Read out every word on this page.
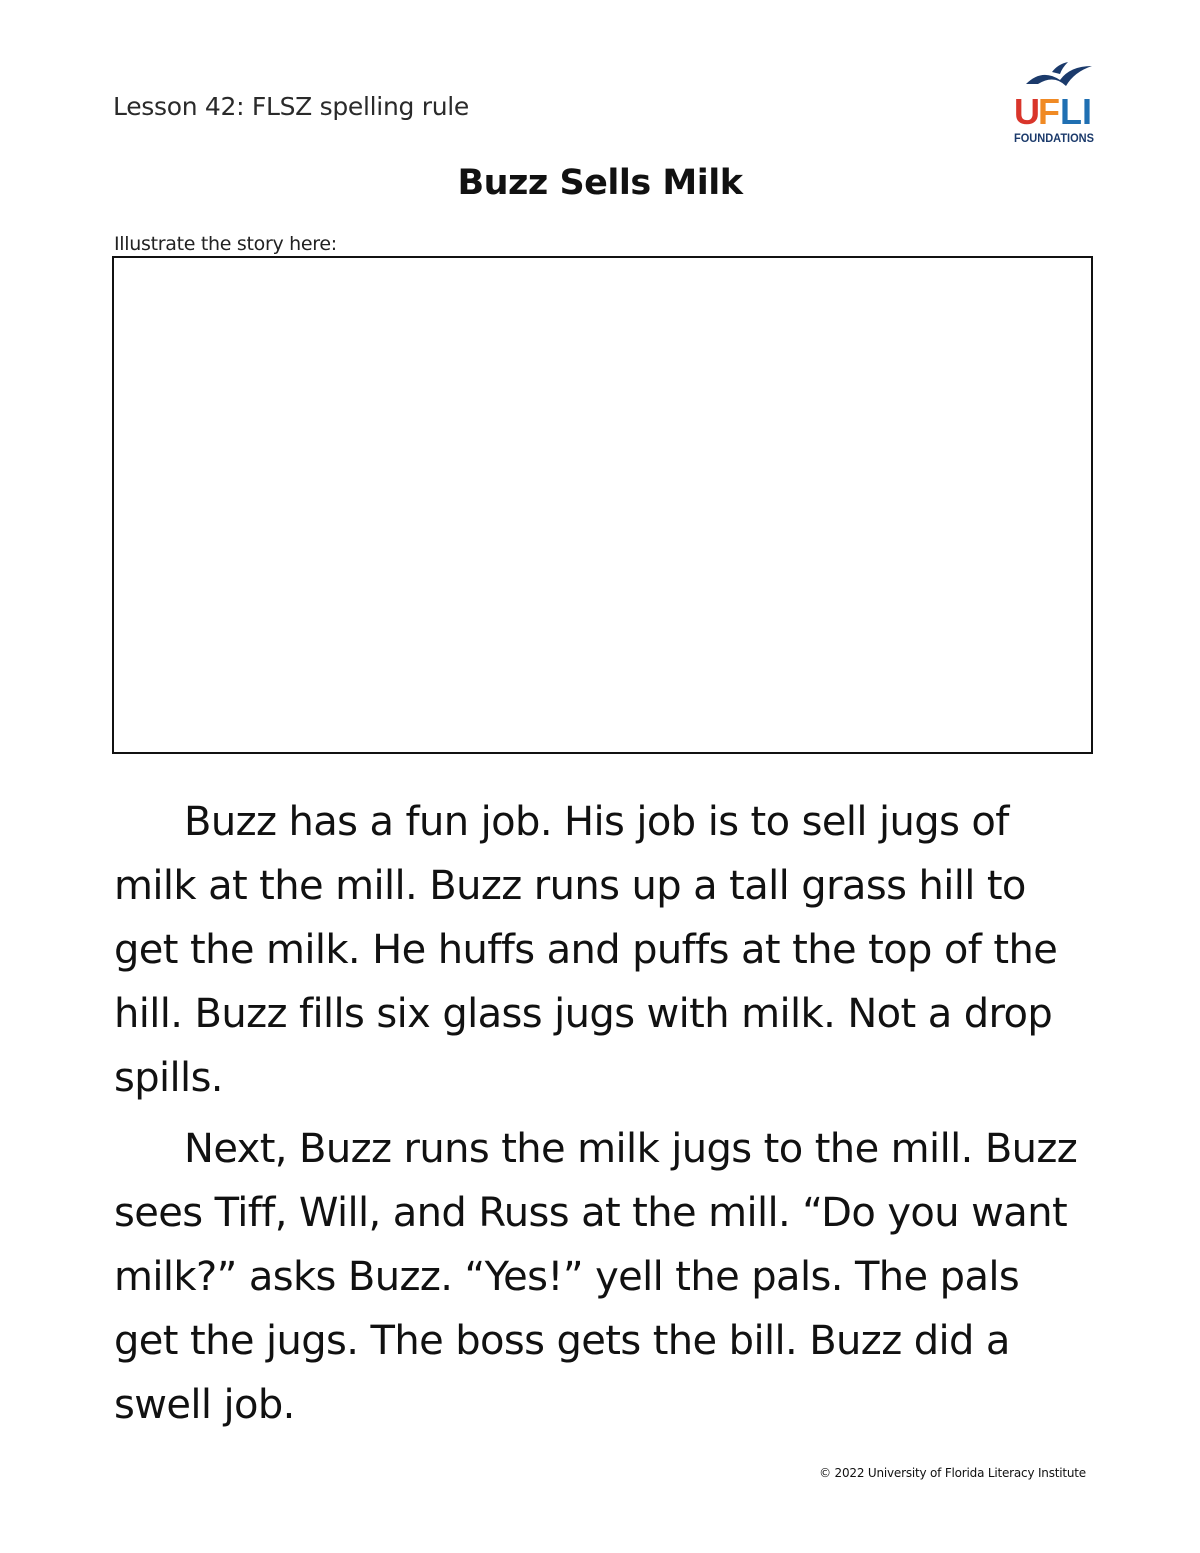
Lesson 42: FLSZ spelling rule	U
F L I
FOUNDATIONS
Buzz Sells Milk
Illustrate the story here:

Buzz has a fun job. His job is to sell jugs of milk at the mill. Buzz runs up a tall grass hill to get the milk. He huffs and puffs at the top of the hill. Buzz fills six glass jugs with milk. Not a drop spills.

Next, Buzz runs the milk jugs to the mill. Buzz sees Tiff, Will, and Russ at the mill. “Do you want milk?” asks Buzz. “Yes!” yell the pals. The pals get the jugs. The boss gets the bill. Buzz did a swell job.

© 2022 University of Florida Literacy Institute
